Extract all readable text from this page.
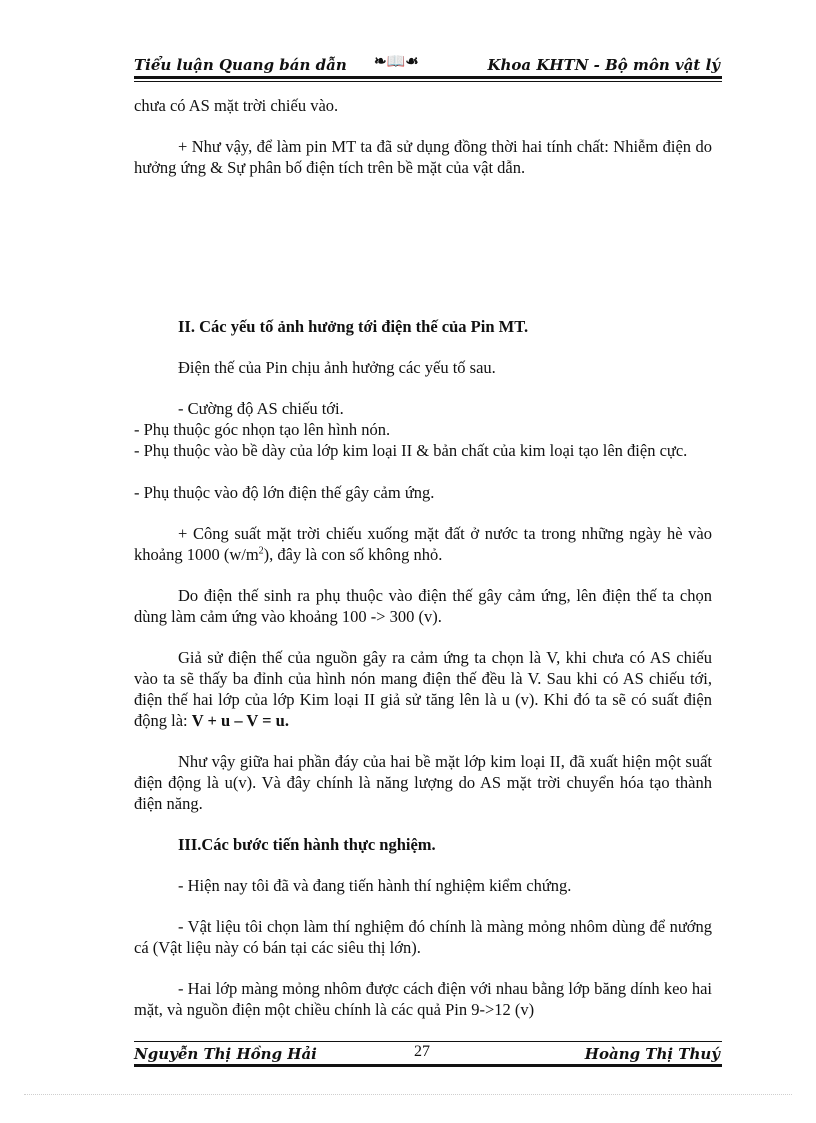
Tiểu luận Quang bán dẫn ❧📖☙	Khoa KHTN - Bộ môn vật lý

chưa có AS mặt trời chiếu vào.

+ Như vậy, để làm pin MT ta đã sử dụng đồng thời hai tính chất: Nhiễm điện do hưởng ứng & Sự phân bố điện tích trên bề mặt của vật dẫn.

II. Các yếu tố ảnh hưởng tới điện thế của Pin MT.

Điện thế của Pin chịu ảnh hưởng các yếu tố sau.

- Cường độ AS chiếu tới.

- Phụ thuộc góc nhọn tạo lên hình nón.

- Phụ thuộc vào bề dày của lớp kim loại II & bản chất của kim loại tạo lên điện cực.

- Phụ thuộc vào độ lớn điện thế gây cảm ứng.

+ Công suất mặt trời chiếu xuống mặt đất ở nước ta trong những ngày hè vào khoảng 1000 $(w/m^2)$, đây là con số không nhỏ.

Do điện thế sinh ra phụ thuộc vào điện thế gây cảm ứng, lên điện thế ta chọn dùng làm cảm ứng vào khoảng 100 -> 300 (v).

Giả sử điện thế của nguồn gây ra cảm ứng ta chọn là V, khi chưa có AS chiếu vào ta sẽ thấy ba đỉnh của hình nón mang điện thế đều là V. Sau khi có AS chiếu tới, điện thế hai lớp của lớp Kim loại II giả sử tăng lên là u (v). Khi đó ta sẽ có suất điện động là: V + u – V = u.

Như vậy giữa hai phần đáy của hai bề mặt lớp kim loại II, đã xuất hiện một suất điện động là u(v). Và đây chính là năng lượng do AS mặt trời chuyển hóa tạo thành điện năng.

III.Các bước tiến hành thực nghiệm.

- Hiện nay tôi đã và đang tiến hành thí nghiệm kiểm chứng.

- Vật liệu tôi chọn làm thí nghiệm đó chính là màng mỏng nhôm dùng để nướng cá (Vật liệu này có bán tại các siêu thị lớn).

- Hai lớp màng mỏng nhôm được cách điện với nhau bằng lớp băng dính keo hai mặt, và nguồn điện một chiều chính là các quả Pin 9->12 (v)

Nguyễn Thị Hồng Hải	27	Hoàng Thị Thuý
